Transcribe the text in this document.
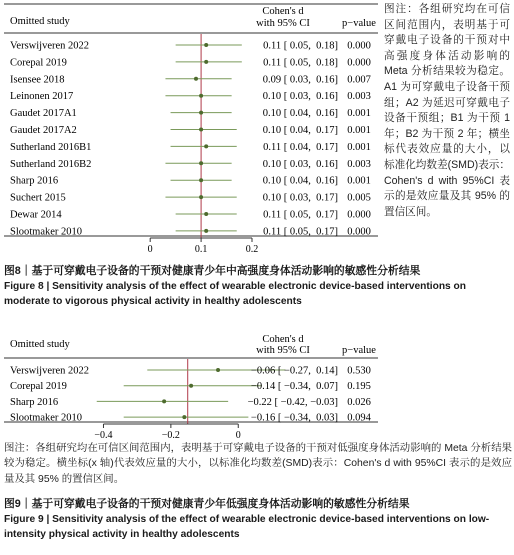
Omitted study
Cohen's d
with 95% CI	p−value
Verswijveren 2022	0.11 [ 0.05,  0.18] 0.000
Corepal 2019	0.11 [ 0.05,  0.18] 0.000
Isensee 2018	0.09 [ 0.03,  0.16] 0.007
Leinonen 2017	0.10 [ 0.03,  0.16] 0.003
Gaudet 2017A1	0.10 [ 0.04,  0.16] 0.001
Gaudet 2017A2	0.10 [ 0.04,  0.17] 0.001
Sutherland 2016B1	0.11 [ 0.04,  0.17] 0.001
Sutherland 2016B2	0.10 [ 0.03,  0.16] 0.003
Sharp 2016	0.10 [ 0.04,  0.16] 0.001
Suchert 2015	0.10 [ 0.03,  0.17] 0.005
Dewar 2014	0.11 [ 0.05,  0.17] 0.000
Slootmaker 2010	0.11 [ 0.05,  0.17] 0.000
0	0.1	0.2
图注：各组研究均在可信区间范围内，表明基于可穿戴电子设备的干预对中高强度身体活动影响的 Meta 分析结果较为稳定。A1 为可穿戴电子设备干预组；A2 为延迟可穿戴电子设备干预组；B1 为干预 1 年；B2 为干预 2 年；横坐标代表效应量的大小，以标准化均数差(SMD)表示：Cohen's d with 95%CI 表示的是效应量及其 95% 的置信区间。
图8｜基于可穿戴电子设备的干预对健康青少年中高强度身体活动影响的敏感性分析结果
Figure 8 | Sensitivity analysis of the effect of wearable electronic device-based interventions on moderate to vigorous physical activity in healthy adolescents
Omitted study	Cohen's d
with 95% CI	p−value
Verswijveren 2022	−0.06 [ −0.27,  0.14] 0.530
Corepal 2019	−0.14 [ −0.34,  0.07] 0.195
Sharp 2016	−0.22 [ −0.42, −0.03] 0.026
Slootmaker 2010	−0.16 [ −0.34,  0.03] 0.094
−0.4	−0.2	0
图注：各组研究均在可信区间范围内，表明基于可穿戴电子设备的干预对低强度身体活动影响的 Meta 分析结果较为稳定。横坐标(x 轴)代表效应量的大小，以标准化均数差(SMD)表示：Cohen's d with 95%CI 表示的是效应量及其 95% 的置信区间。
图9｜基于可穿戴电子设备的干预对健康青少年低强度身体活动影响的敏感性分析结果
Figure 9 | Sensitivity analysis of the effect of wearable electronic device-based interventions on low-intensity physical activity in healthy adolescents
